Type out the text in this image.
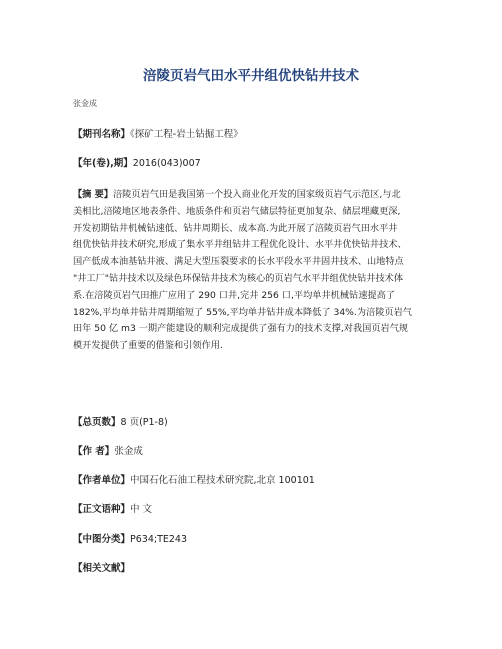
涪陵页岩气田水平井组优快钻井技术
张金成
【期刊名称】《探矿工程-岩土钻掘工程》
【年(卷),期】2016(043)007
【摘 要】涪陵页岩气田是我国第一个投入商业化开发的国家级页岩气示范区,与北
美相比,涪陵地区地表条件、地质条件和页岩气储层特征更加复杂、储层埋藏更深,
开发初期钻井机械钻速低、钻井周期长、成本高.为此开展了涪陵页岩气田水平井
组优快钻井技术研究,形成了集水平井组钻井工程优化设计、水平井优快钻井技术、
国产低成本油基钻井液、满足大型压裂要求的长水平段水平井固井技术、山地特点
"井工厂"钻井技术以及绿色环保钻井技术为核心的页岩气水平井组优快钻井技术体
系.在涪陵页岩气田推广应用了 290 口井,完井 256 口,平均单井机械钻速提高了
182%,平均单井钻井周期缩短了 55%,平均单井钻井成本降低了 34%.为涪陵页岩气
田年 50 亿 m3 一期产能建设的顺利完成提供了强有力的技术支撑,对我国页岩气规
模开发提供了重要的借鉴和引领作用.
【总页数】8 页(P1-8)
【作 者】张金成
【作者单位】中国石化石油工程技术研究院,北京 100101
【正文语种】中 文
【中图分类】P634;TE243
【相关文献】
